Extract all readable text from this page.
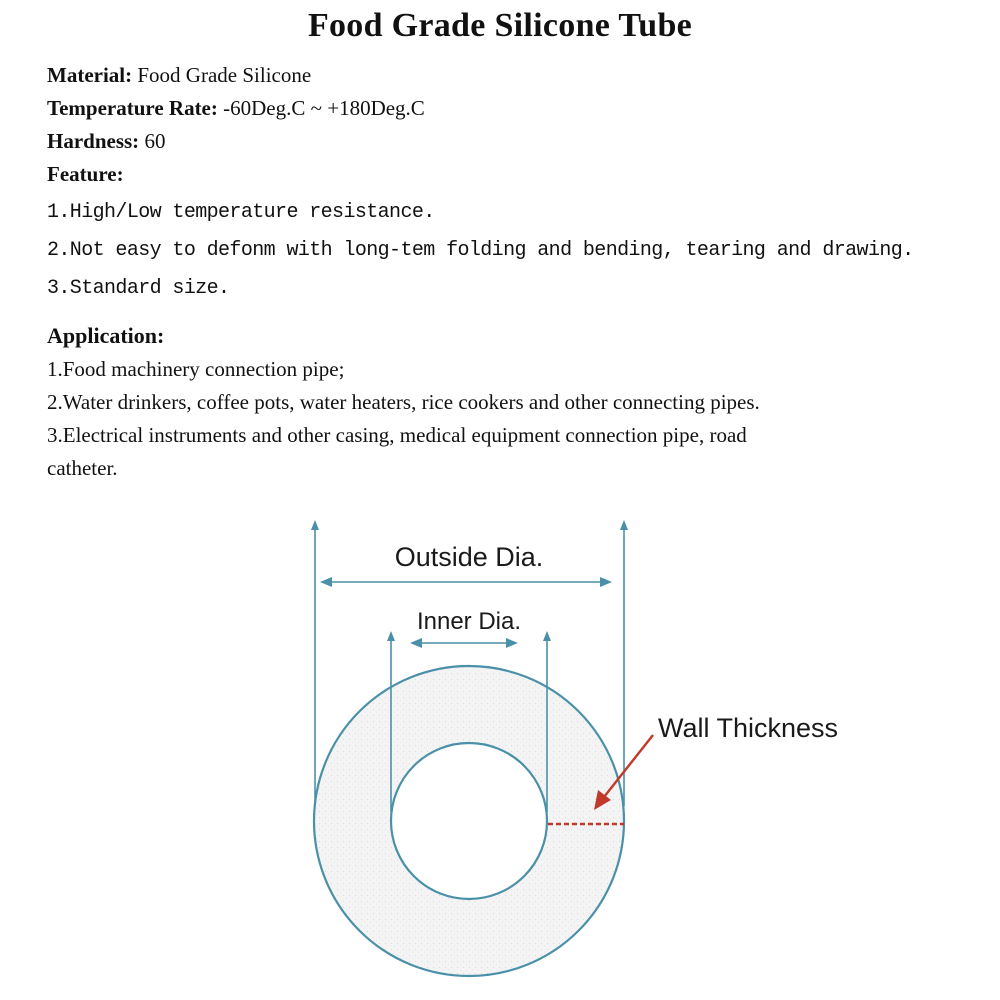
Food Grade Silicone Tube
Material: Food Grade Silicone
Temperature Rate: -60Deg.C ~ +180Deg.C
Hardness: 60
Feature:
1.High/Low temperature resistance.
2.Not easy to defonm with long-tem folding and bending, tearing and drawing.
3.Standard size.
Application:
1.Food machinery connection pipe;
2.Water drinkers, coffee pots, water heaters, rice cookers and other connecting pipes.
3.Electrical instruments and other casing, medical equipment connection pipe, road
catheter.
Outside Dia.
Inner Dia.
Wall Thickness
